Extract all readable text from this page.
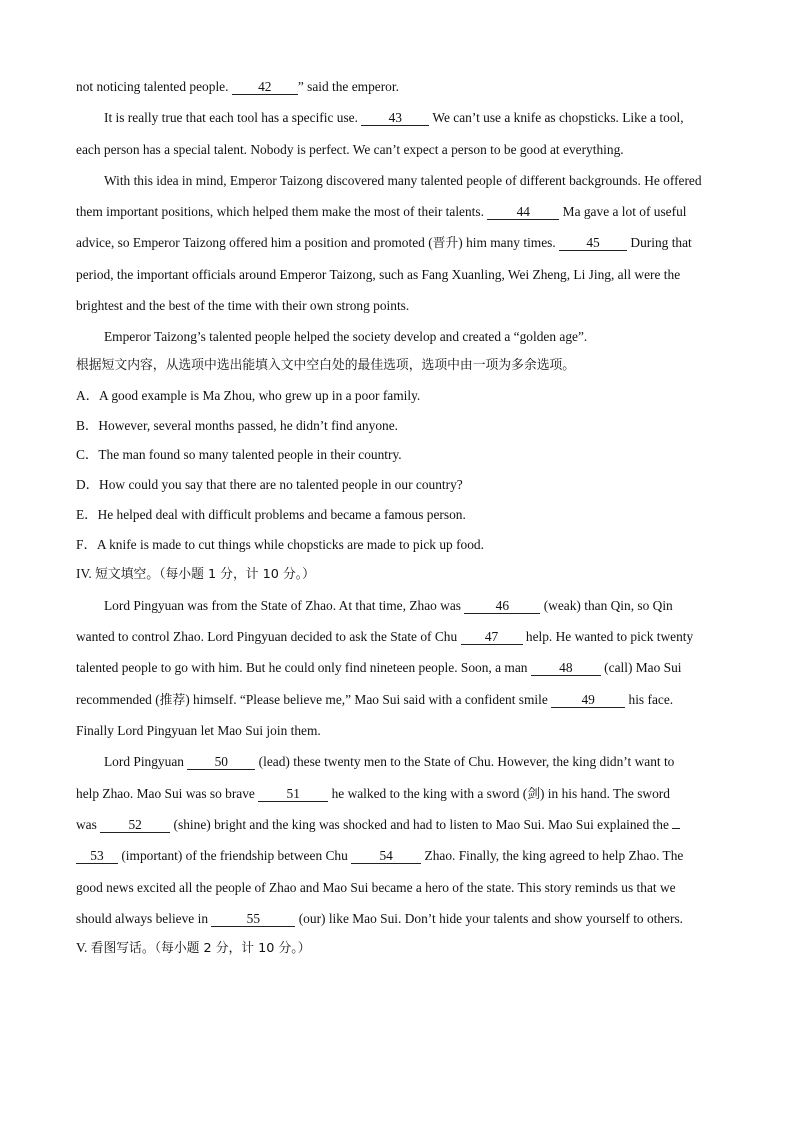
not noticing talented people. 42 ” said the emperor.
It is really true that each tool has a specific use. 43 We can’t use a knife as chopsticks. Like a tool,
each person has a special talent. Nobody is perfect. We can’t expect a person to be good at everything.
With this idea in mind, Emperor Taizong discovered many talented people of different backgrounds. He offered
them important positions, which helped them make the most of their talents. 44 Ma gave a lot of useful
advice, so Emperor Taizong offered him a position and promoted (晋升) him many times. 45 During that
period, the important officials around Emperor Taizong, such as Fang Xuanling, Wei Zheng, Li Jing, all were the
brightest and the best of the time with their own strong points.
Emperor Taizong’s talented people helped the society develop and created a “golden age”.
根据短文内容，从选项中选出能填入文中空白处的最佳选项，选项中由一项为多余选项。
A．A good example is Ma Zhou, who grew up in a poor family.
B．However, several months passed, he didn’t find anyone.
C．The man found so many talented people in their country.
D．How could you say that there are no talented people in our country?
E．He helped deal with difficult problems and became a famous person.
F．A knife is made to cut things while chopsticks are made to pick up food.
IV. 短文填空。（每小题 1 分，计 10 分。）
Lord Pingyuan was from the State of Zhao. At that time, Zhao was 46 (weak) than Qin, so Qin
wanted to control Zhao. Lord Pingyuan decided to ask the State of Chu 47 help. He wanted to pick twenty
talented people to go with him. But he could only find nineteen people. Soon, a man 48 (call) Mao Sui
recommended (推荐) himself. “Please believe me,” Mao Sui said with a confident smile 49 his face.
Finally Lord Pingyuan let Mao Sui join them.
Lord Pingyuan 50 (lead) these twenty men to the State of Chu. However, the king didn’t want to
help Zhao. Mao Sui was so brave 51 he walked to the king with a sword (剑) in his hand. The sword
was 52 (shine) bright and the king was shocked and had to listen to Mao Sui. Mao Sui explained the
53 (important) of the friendship between Chu 54 Zhao. Finally, the king agreed to help Zhao. The
good news excited all the people of Zhao and Mao Sui became a hero of the state. This story reminds us that we
should always believe in	55	(our) like Mao Sui. Don’t hide your talents and show yourself to others.
V. 看图写话。（每小题 2 分，计 10 分。）
